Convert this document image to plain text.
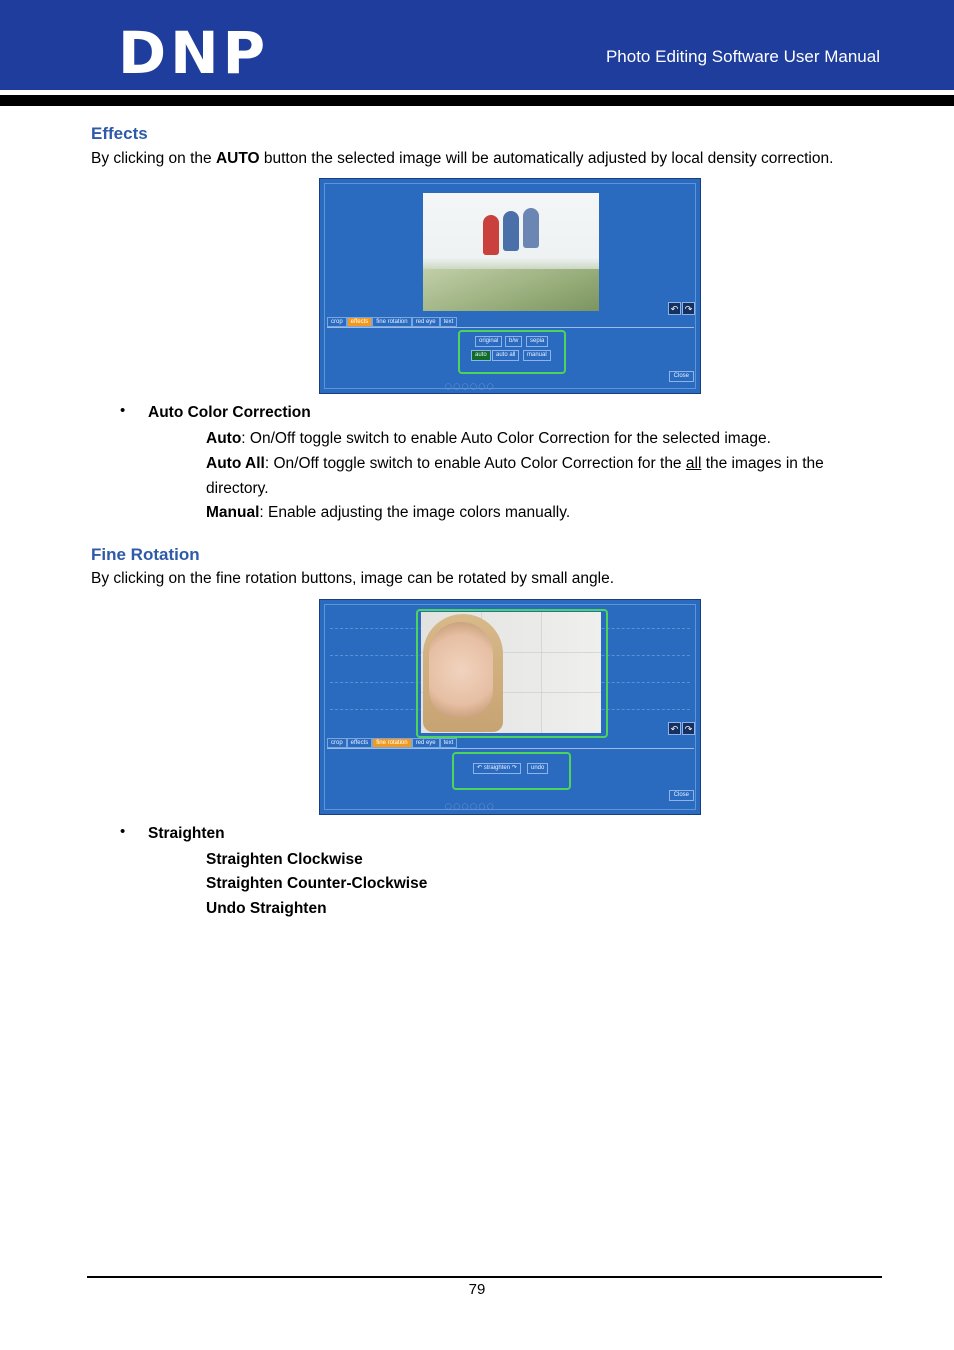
DNP	Photo Editing Software User Manual
Effects
By clicking on the AUTO button the selected image will be automatically adjusted by local density correction.
↶ ↷
crop	effects	fine rotation	red eye	text
original	b/w	sepia
auto	auto all	manual
Close
◯ ◯ ◯ ◯ ◯ ◯
• Auto Color Correction
Auto: On/Off toggle switch to enable Auto Color Correction for the selected image.
Auto All: On/Off toggle switch to enable Auto Color Correction for the all the images in the directory.
Manual: Enable adjusting the image colors manually.
Fine Rotation
By clicking on the fine rotation buttons, image can be rotated by small angle.
↶ ↷
crop	effects	fine rotation	red eye	text
↶ straighten ↷	undo
Close
◯ ◯ ◯ ◯ ◯ ◯
• Straighten
Straighten Clockwise
Straighten Counter-Clockwise
Undo Straighten
79
